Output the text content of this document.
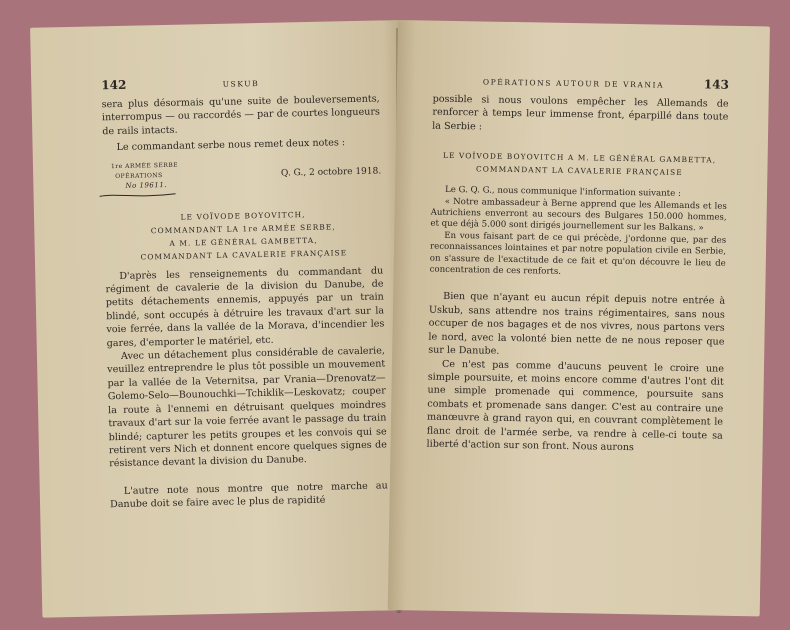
142	USKUB

sera plus désormais qu'une suite de bouleversements, interrompus — ou raccordés — par de courtes longueurs de rails intacts.

Le commandant serbe nous remet deux notes :

1re ARMÉE SERBE
OPÉRATIONS	Q. G., 2 octobre 1918.
No 19611.
LE VOÏVODE BOYOVITCH,
COMMANDANT LA 1re ARMÉE SERBE,
A M. LE GÉNÉRAL GAMBETTA,
COMMANDANT LA CAVALERIE FRANÇAISE

D'après les renseignements du commandant du régiment de cavalerie de la division du Danube, de petits détachements ennemis, appuyés par un train blindé, sont occupés à détruire les travaux d'art sur la voie ferrée, dans la vallée de la Morava, d'incendier les gares, d'emporter le matériel, etc.

Avec un détachement plus considérable de cavalerie, veuillez entreprendre le plus tôt possible un mouvement par la vallée de la Veternitsa, par Vrania—Drenovatz—Golemo-Selo—Bounouchki—Tchiklik—Leskovatz; couper la route à l'ennemi en détruisant quelques moindres travaux d'art sur la voie ferrée avant le passage du train blindé; capturer les petits groupes et les convois qui se retirent vers Nich et donnent encore quelques signes de résistance devant la division du Danube.

L'autre note nous montre que notre marche au Danube doit se faire avec le plus de rapidité

OPÉRATIONS AUTOUR DE VRANIA	143

possible si nous voulons empêcher les Allemands de renforcer à temps leur immense front, éparpillé dans toute la Serbie :

LE VOÏVODE BOYOVITCH A M. LE GÉNÉRAL GAMBETTA,
COMMANDANT LA CAVALERIE FRANÇAISE

Le G. Q. G., nous communique l'information suivante :

« Notre ambassadeur à Berne apprend que les Allemands et les Autrichiens enverront au secours des Bulgares 150.000 hommes, et que déjà 5.000 sont dirigés journellement sur les Balkans. »

En vous faisant part de ce qui précède, j'ordonne que, par des reconnaissances lointaines et par notre population civile en Serbie, on s'assure de l'exactitude de ce fait et qu'on découvre le lieu de concentration de ces renforts.

Bien que n'ayant eu aucun répit depuis notre entrée à Uskub, sans attendre nos trains régimentaires, sans nous occuper de nos bagages et de nos vivres, nous partons vers le nord, avec la volonté bien nette de ne nous reposer que sur le Danube.

Ce n'est pas comme d'aucuns peuvent le croire une simple poursuite, et moins encore comme d'autres l'ont dit une simple promenade qui commence, poursuite sans combats et promenade sans danger. C'est au contraire une manœuvre à grand rayon qui, en couvrant complètement le flanc droit de l'armée serbe, va rendre à celle-ci toute sa liberté d'action sur son front. Nous aurons
